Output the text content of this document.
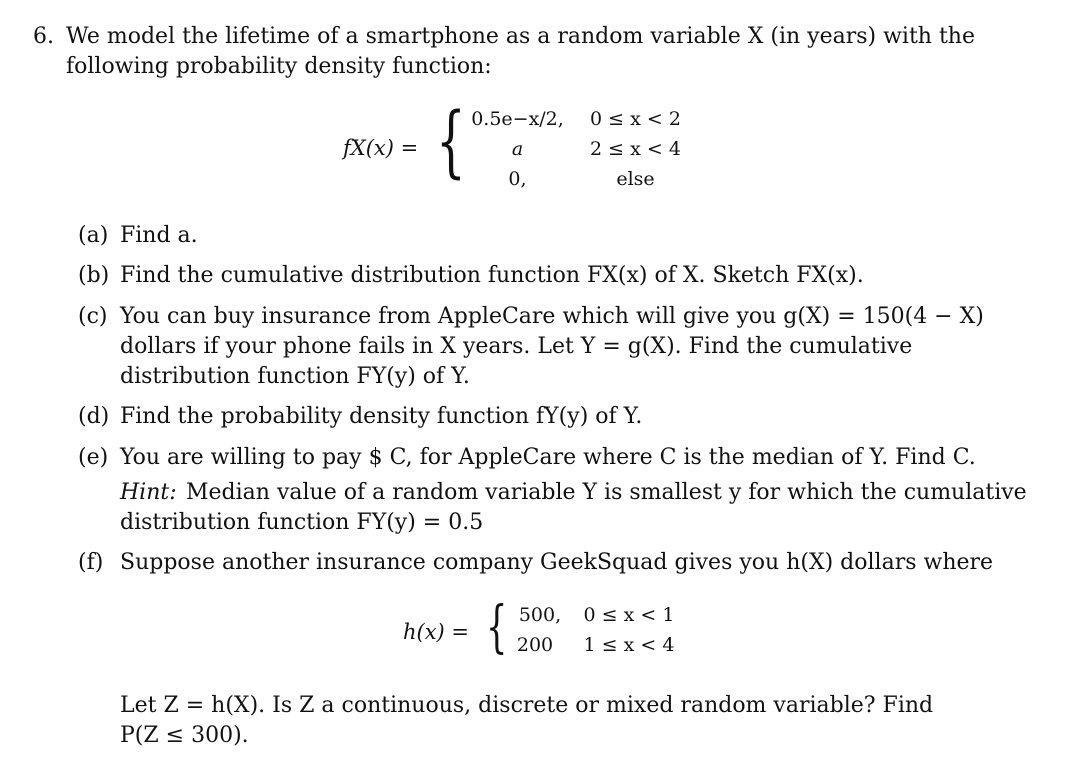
6. We model the lifetime of a smartphone as a random variable X (in years) with the
following probability density function:
fX(x) = { 0.5e−x/2,	0 ≤ x < 2
a	2 ≤ x < 4
0,	else
(a) Find a.
(b) Find the cumulative distribution function FX(x) of X. Sketch FX(x).
(c) You can buy insurance from AppleCare which will give you g(X) = 150(4 − X)
dollars if your phone fails in X years. Let Y = g(X). Find the cumulative
distribution function FY(y) of Y.
(d) Find the probability density function fY(y) of Y.
(e) You are willing to pay $ C, for AppleCare where C is the median of Y. Find C.
Hint: Median value of a random variable Y is smallest y for which the cumulative
distribution function FY(y) = 0.5
(f) Suppose another insurance company GeekSquad gives you h(X) dollars where
h(x) = { 500,	0 ≤ x < 1
200	1 ≤ x < 4
Let Z = h(X). Is Z a continuous, discrete or mixed random variable? Find
P(Z ≤ 300).
